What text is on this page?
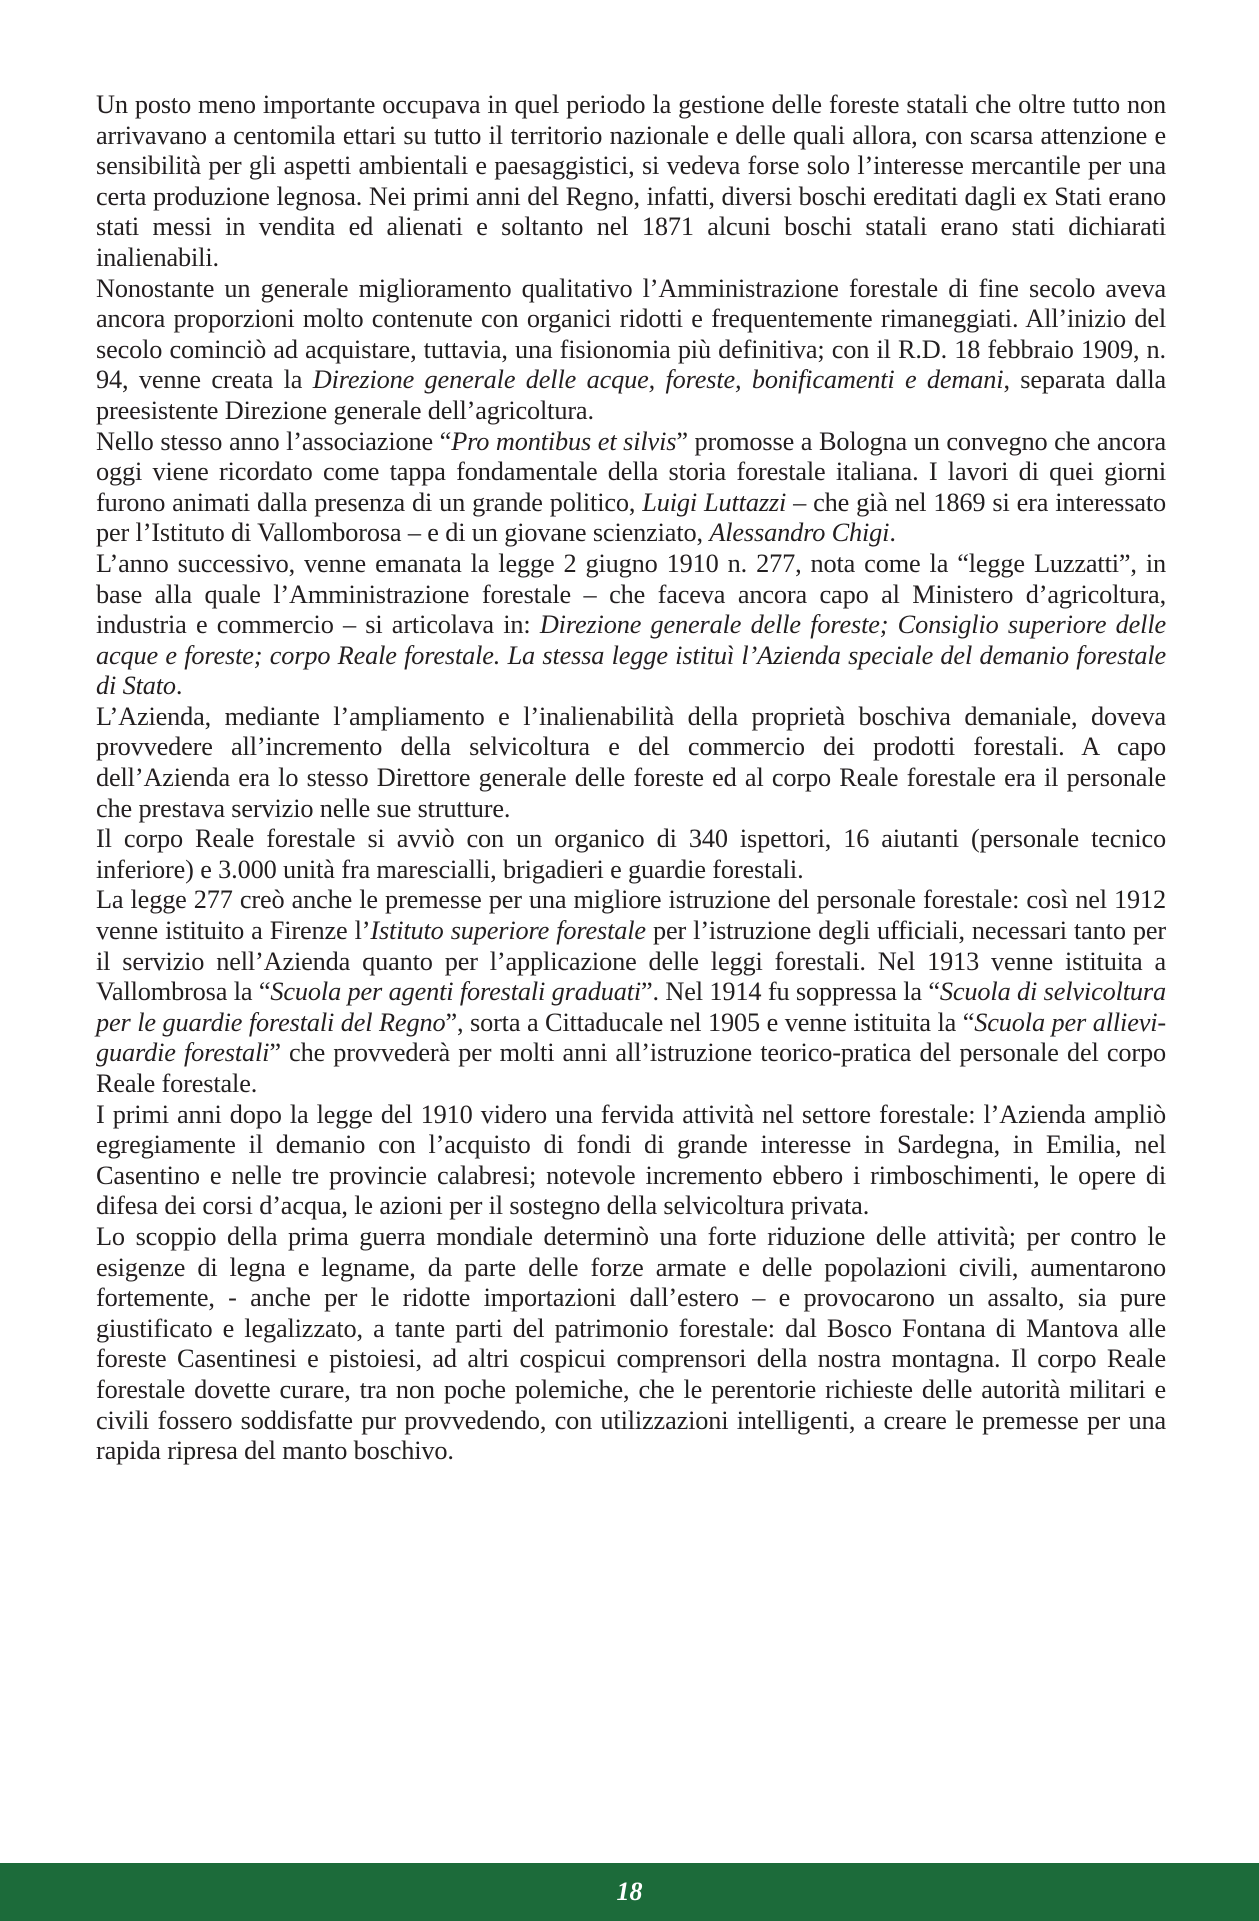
Un posto meno importante occupava in quel periodo la gestione delle foreste statali che oltre tutto non arrivavano a centomila ettari su tutto il territorio nazionale e delle quali allora, con scarsa attenzione e sensibilità per gli aspetti ambientali e paesaggistici, si vedeva forse solo l’interesse mercantile per una certa produzione legnosa. Nei primi anni del Regno, infatti, diversi boschi ereditati dagli ex Stati erano stati messi in vendita ed alienati e soltanto nel 1871 alcuni boschi statali erano stati dichiarati inalienabili.

Nonostante un generale miglioramento qualitativo l’Amministrazione forestale di fine secolo aveva ancora proporzioni molto contenute con organici ridotti e frequentemente rimaneggiati. All’inizio del secolo cominciò ad acquistare, tuttavia, una fisionomia più definitiva; con il R.D. 18 febbraio 1909, n. 94, venne creata la Direzione generale delle acque, foreste, bonificamenti e demani, separata dalla preesistente Direzione generale dell’agricoltura.

Nello stesso anno l’associazione “Pro montibus et silvis” promosse a Bologna un convegno che ancora oggi viene ricordato come tappa fondamentale della storia forestale italiana. I lavori di quei giorni furono animati dalla presenza di un grande politico, Luigi Luttazzi – che già nel 1869 si era interessato per l’Istituto di Vallomborosa – e di un giovane scienziato, Alessandro Chigi.

L’anno successivo, venne emanata la legge 2 giugno 1910 n. 277, nota come la “legge Luzzatti”, in base alla quale l’Amministrazione forestale – che faceva ancora capo al Ministero d’agricoltura, industria e commercio – si articolava in: Direzione generale delle foreste; Consiglio superiore delle acque e foreste; corpo Reale forestale. La stessa legge istituì l’Azienda speciale del demanio forestale di Stato.

L’Azienda, mediante l’ampliamento e l’inalienabilità della proprietà boschiva demaniale, doveva provvedere all’incremento della selvicoltura e del commercio dei prodotti forestali. A capo dell’Azienda era lo stesso Direttore generale delle foreste ed al corpo Reale forestale era il personale che prestava servizio nelle sue strutture.

Il corpo Reale forestale si avviò con un organico di 340 ispettori, 16 aiutanti (personale tecnico inferiore) e 3.000 unità fra marescialli, brigadieri e guardie forestali.

La legge 277 creò anche le premesse per una migliore istruzione del personale forestale: così nel 1912 venne istituito a Firenze l’Istituto superiore forestale per l’istruzione degli ufficiali, necessari tanto per il servizio nell’Azienda quanto per l’applicazione delle leggi forestali. Nel 1913 venne istituita a Vallombrosa la “Scuola per agenti forestali graduati”. Nel 1914 fu soppressa la “Scuola di selvicoltura per le guardie forestali del Regno”, sorta a Cittaducale nel 1905 e venne istituita la “Scuola per allievi-guardie forestali” che provvederà per molti anni all’istruzione teorico-pratica del personale del corpo Reale forestale.

I primi anni dopo la legge del 1910 videro una fervida attività nel settore forestale: l’Azienda ampliò egregiamente il demanio con l’acquisto di fondi di grande interesse in Sardegna, in Emilia, nel Casentino e nelle tre provincie calabresi; notevole incremento ebbero i rimboschimenti, le opere di difesa dei corsi d’acqua, le azioni per il sostegno della selvicoltura privata.

Lo scoppio della prima guerra mondiale determinò una forte riduzione delle attività; per contro le esigenze di legna e legname, da parte delle forze armate e delle popolazioni civili, aumentarono fortemente, - anche per le ridotte importazioni dall’estero – e provocarono un assalto, sia pure giustificato e legalizzato, a tante parti del patrimonio forestale: dal Bosco Fontana di Mantova alle foreste Casentinesi e pistoiesi, ad altri cospicui comprensori della nostra montagna. Il corpo Reale forestale dovette curare, tra non poche polemiche, che le perentorie richieste delle autorità militari e civili fossero soddisfatte pur provvedendo, con utilizzazioni intelligenti, a creare le premesse per una rapida ripresa del manto boschivo.

18
